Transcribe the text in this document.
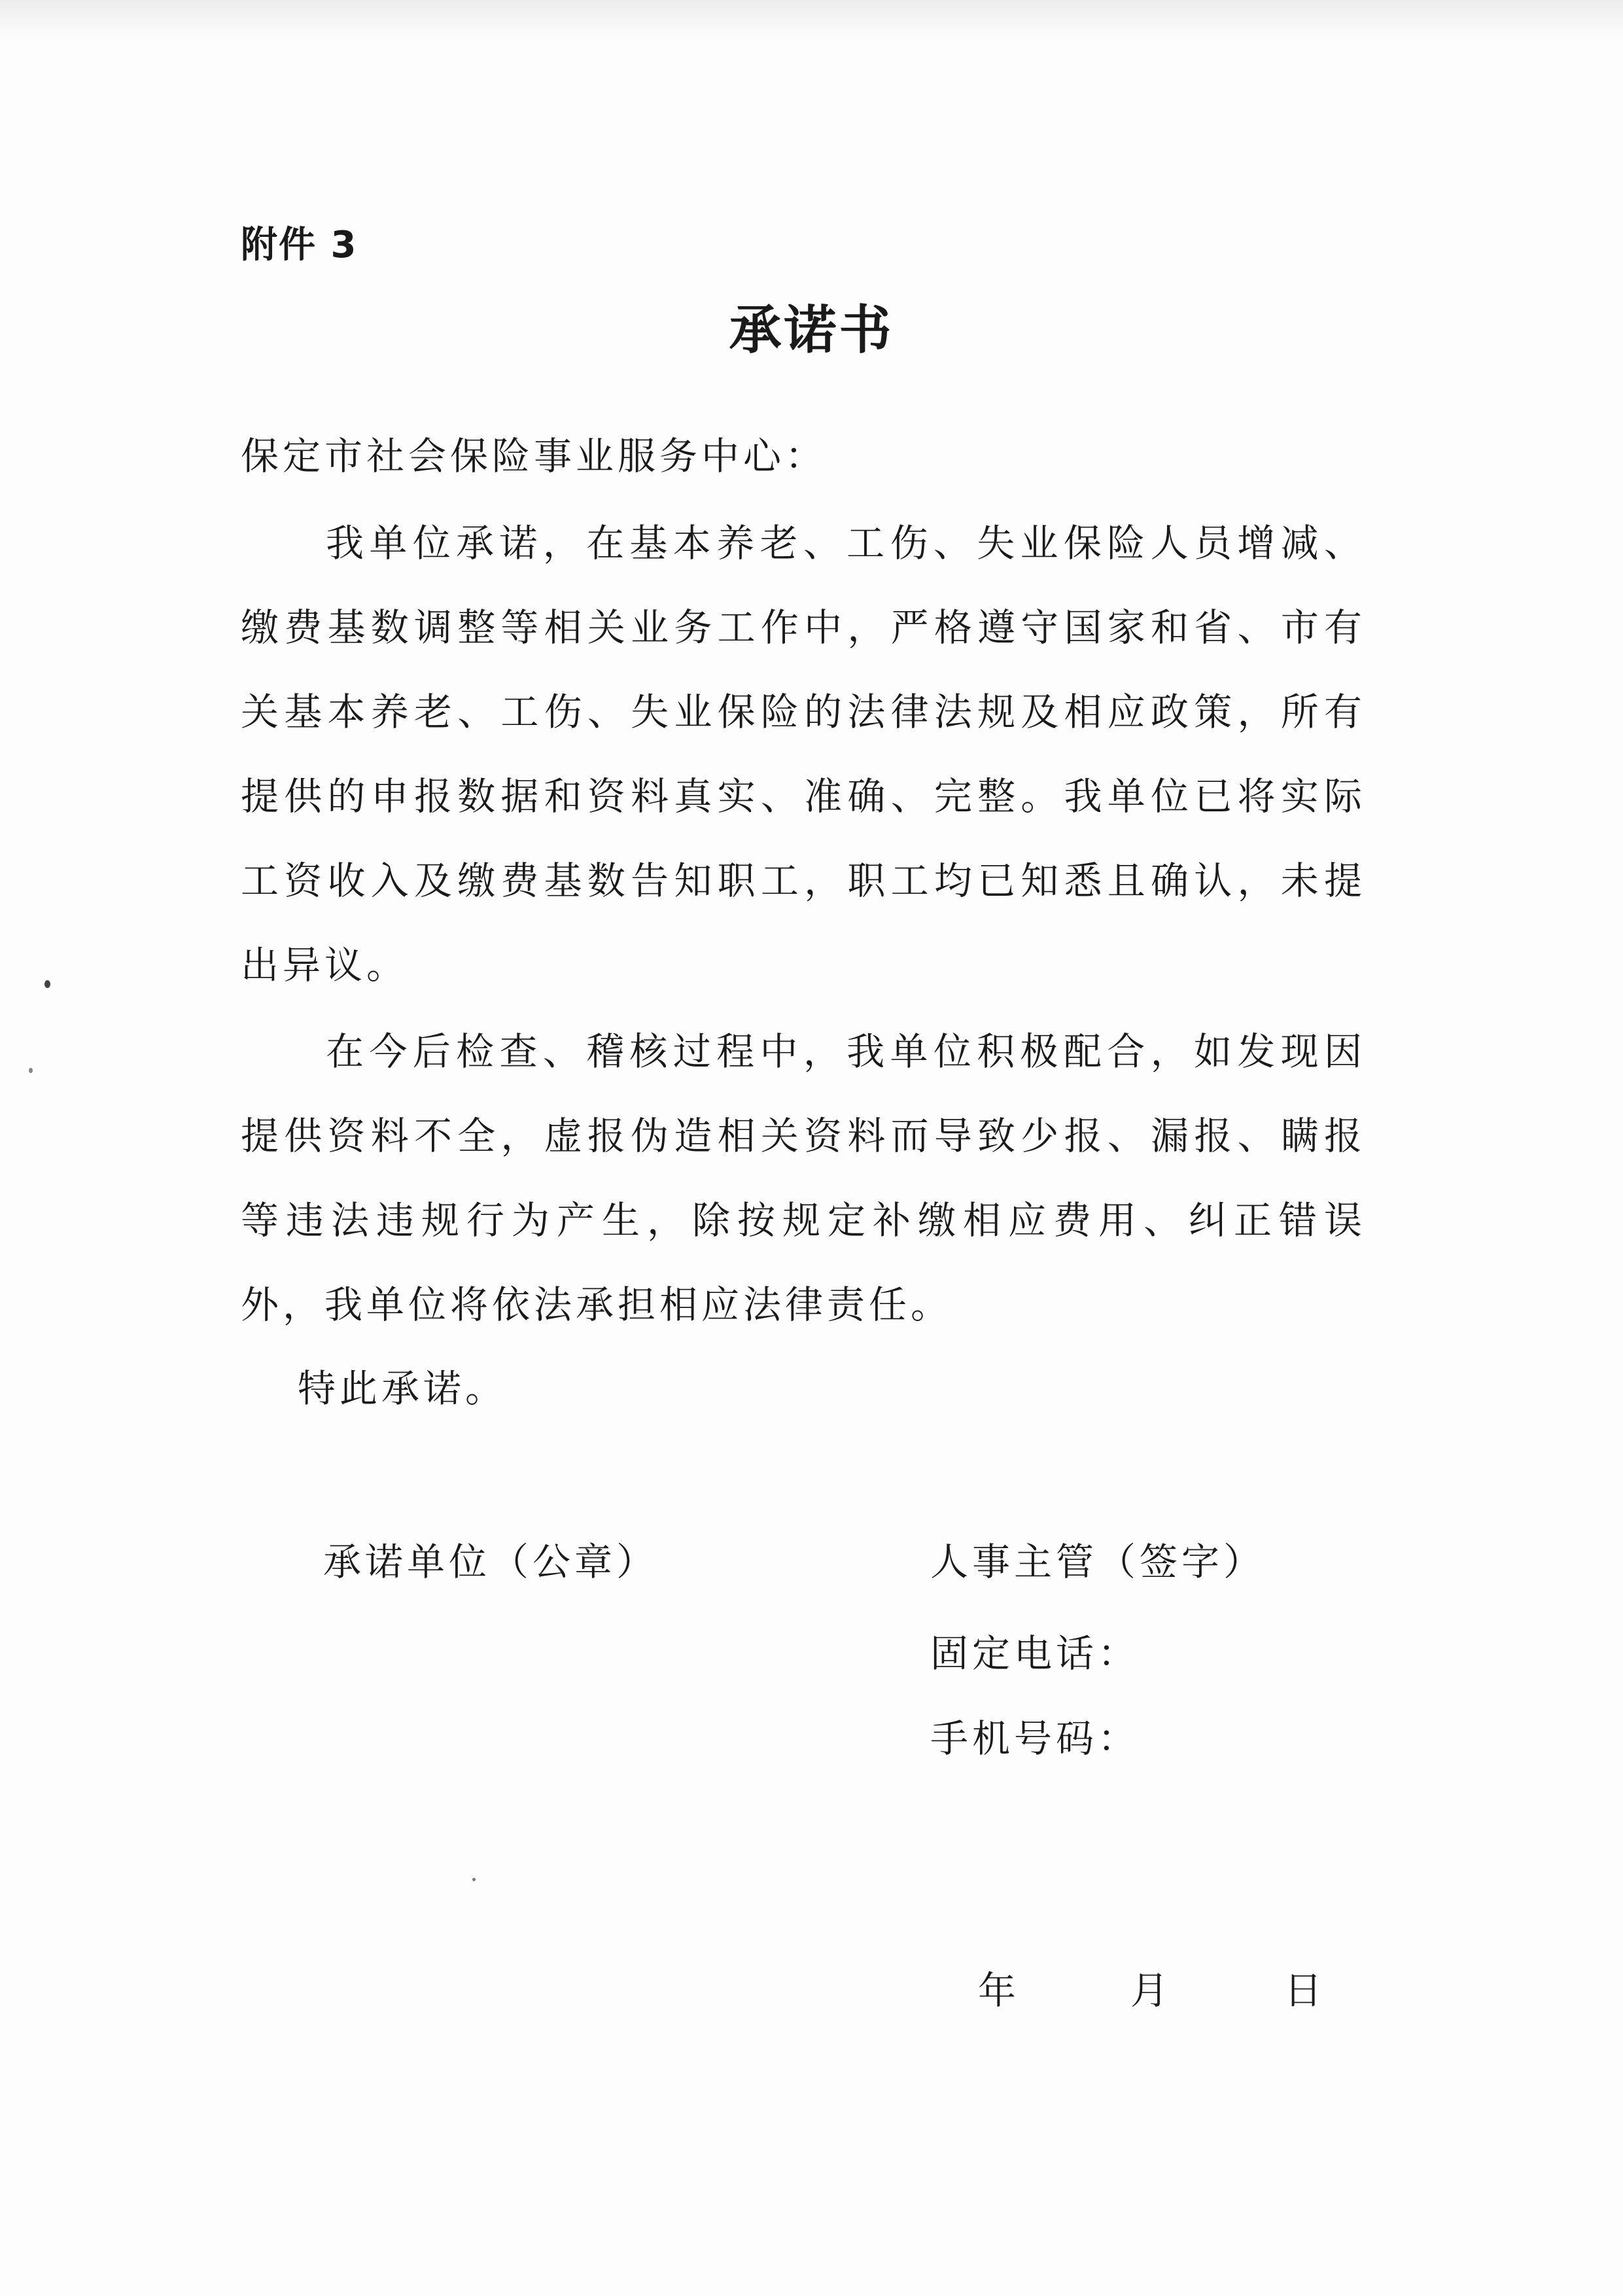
附件 3
承诺书
保定市社会保险事业服务中心：

我单位承诺，在基本养老、工伤、失业保险人员增减、缴费基数调整等相关业务工作中，严格遵守国家和省、市有关基本养老、工伤、失业保险的法律法规及相应政策，所有提供的申报数据和资料真实、准确、完整。我单位已将实际工资收入及缴费基数告知职工，职工均已知悉且确认，未提出异议。

在今后检查、稽核过程中，我单位积极配合，如发现因提供资料不全，虚报伪造相关资料而导致少报、漏报、瞒报等违法违规行为产生，除按规定补缴相应费用、纠正错误外，我单位将依法承担相应法律责任。

特此承诺。
承诺单位（公章）	人事主管（签字）
固定电话：
手机号码：
年	月	日
